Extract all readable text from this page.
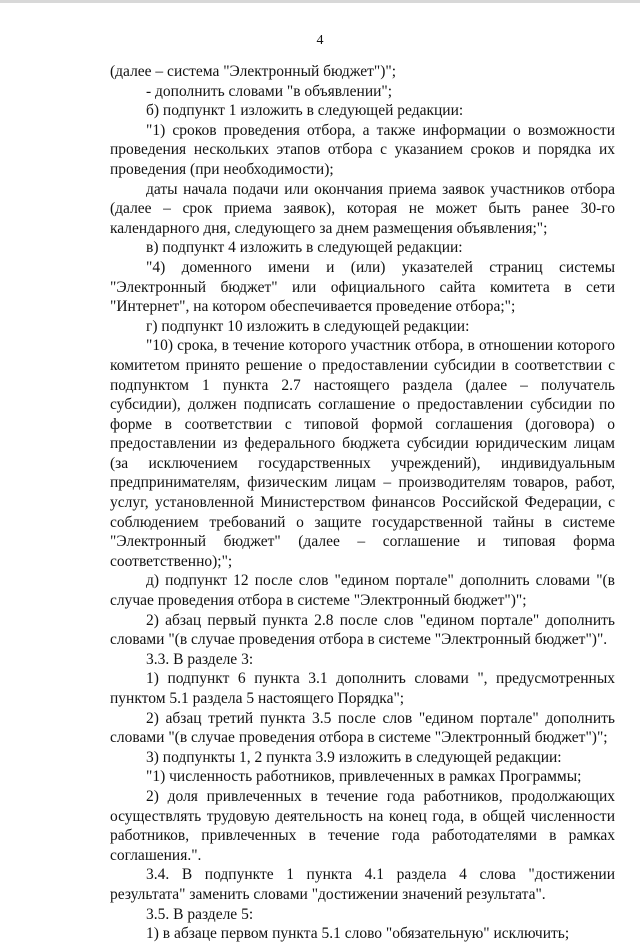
4

(далее – система "Электронный бюджет")";

- дополнить словами "в объявлении";

б) подпункт 1 изложить в следующей редакции:

"1) сроков проведения отбора, а также информации о возможности проведения нескольких этапов отбора с указанием сроков и порядка их проведения (при необходимости);

даты начала подачи или окончания приема заявок участников отбора (далее – срок приема заявок), которая не может быть ранее 30-го календарного дня, следующего за днем размещения объявления;";

в) подпункт 4 изложить в следующей редакции:

"4) доменного имени и (или) указателей страниц системы "Электронный бюджет" или официального сайта комитета в сети "Интернет", на котором обеспечивается проведение отбора;";

г) подпункт 10 изложить в следующей редакции:

"10) срока, в течение которого участник отбора, в отношении которого комитетом принято решение о предоставлении субсидии в соответствии с подпунктом 1 пункта 2.7 настоящего раздела (далее – получатель субсидии), должен подписать соглашение о предоставлении субсидии по форме в соответствии с типовой формой соглашения (договора) о предоставлении из федерального бюджета субсидии юридическим лицам (за исключением государственных учреждений), индивидуальным предпринимателям, физическим лицам – производителям товаров, работ, услуг, установленной Министерством финансов Российской Федерации, с соблюдением требований о защите государственной тайны в системе "Электронный бюджет" (далее – соглашение и типовая форма соответственно);";

д) подпункт 12 после слов "едином портале" дополнить словами "(в случае проведения отбора в системе "Электронный бюджет")";

2) абзац первый пункта 2.8 после слов "едином портале" дополнить словами "(в случае проведения отбора в системе "Электронный бюджет")".

3.3. В разделе 3:

1) подпункт 6 пункта 3.1 дополнить словами ", предусмотренных пунктом 5.1 раздела 5 настоящего Порядка";

2) абзац третий пункта 3.5 после слов "едином портале" дополнить словами "(в случае проведения отбора в системе "Электронный бюджет")";

3) подпункты 1, 2 пункта 3.9 изложить в следующей редакции:

"1) численность работников, привлеченных в рамках Программы;

2) доля привлеченных в течение года работников, продолжающих осуществлять трудовую деятельность на конец года, в общей численности работников, привлеченных в течение года работодателями в рамках соглашения.".

3.4. В подпункте 1 пункта 4.1 раздела 4 слова "достижении результата" заменить словами "достижении значений результата".

3.5. В разделе 5:

1) в абзаце первом пункта 5.1 слово "обязательную" исключить;
